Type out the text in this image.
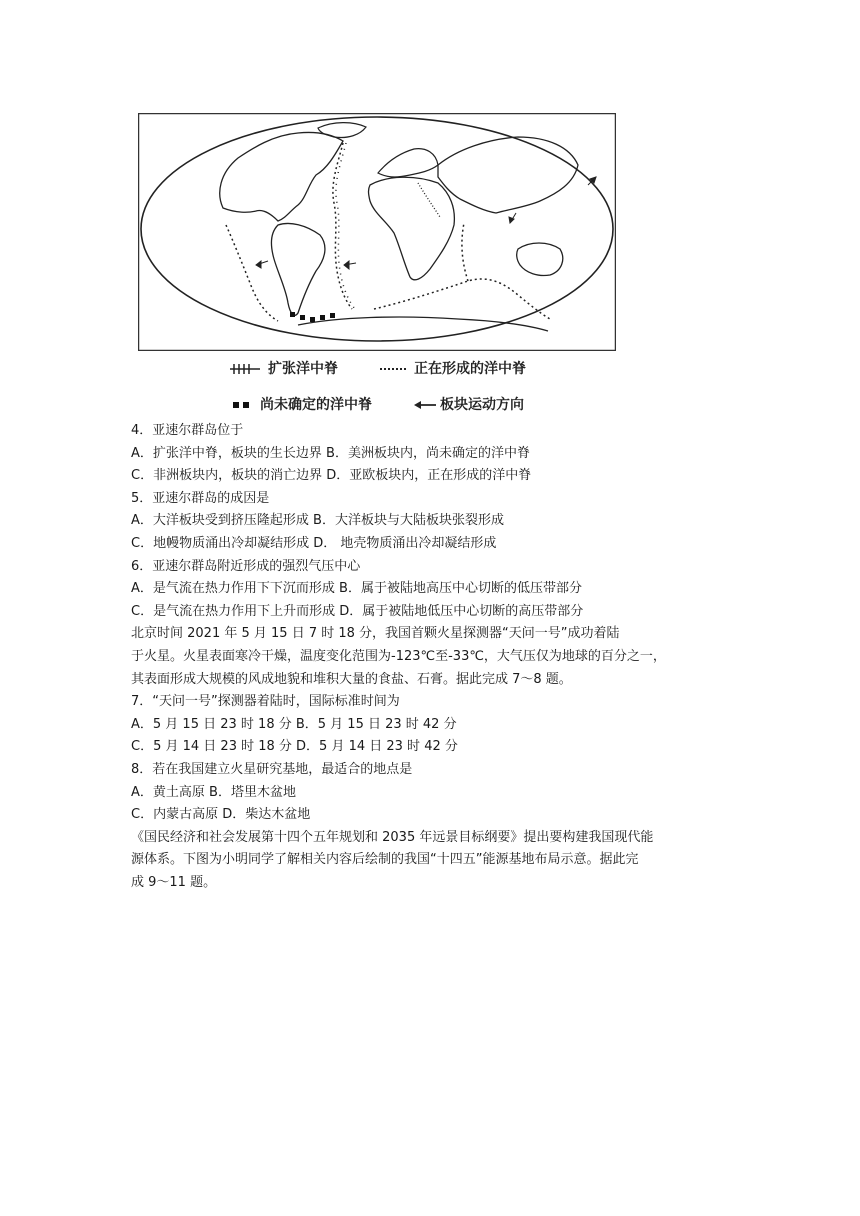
扩张洋中脊	正在形成的洋中脊
尚未确定的洋中脊	板块运动方向
4．亚速尔群岛位于
A．扩张洋中脊，板块的生长边界 B．美洲板块内，尚未确定的洋中脊
C．非洲板块内，板块的消亡边界 D．亚欧板块内，正在形成的洋中脊
5．亚速尔群岛的成因是
A．大洋板块受到挤压隆起形成 B．大洋板块与大陆板块张裂形成
C．地幔物质涌出冷却凝结形成 D． 地壳物质涌出冷却凝结形成
6．亚速尔群岛附近形成的强烈气压中心
A．是气流在热力作用下下沉而形成 B．属于被陆地高压中心切断的低压带部分
C．是气流在热力作用下上升而形成 D．属于被陆地低压中心切断的高压带部分
北京时间 2021 年 5 月 15 日 7 时 18 分，我国首颗火星探测器“天问一号”成功着陆
于火星。火星表面寒冷干燥，温度变化范围为-123℃至-33℃，大气压仅为地球的百分之一，
其表面形成大规模的风成地貌和堆积大量的食盐、石膏。据此完成 7～8 题。
7．“天问一号”探测器着陆时，国际标准时间为
A．5 月 15 日 23 时 18 分 B．5 月 15 日 23 时 42 分
C．5 月 14 日 23 时 18 分 D．5 月 14 日 23 时 42 分
8．若在我国建立火星研究基地，最适合的地点是
A．黄土高原 B．塔里木盆地
C．内蒙古高原 D．柴达木盆地
《国民经济和社会发展第十四个五年规划和 2035 年远景目标纲要》提出要构建我国现代能
源体系。下图为小明同学了解相关内容后绘制的我国“十四五”能源基地布局示意。据此完
成 9～11 题。
